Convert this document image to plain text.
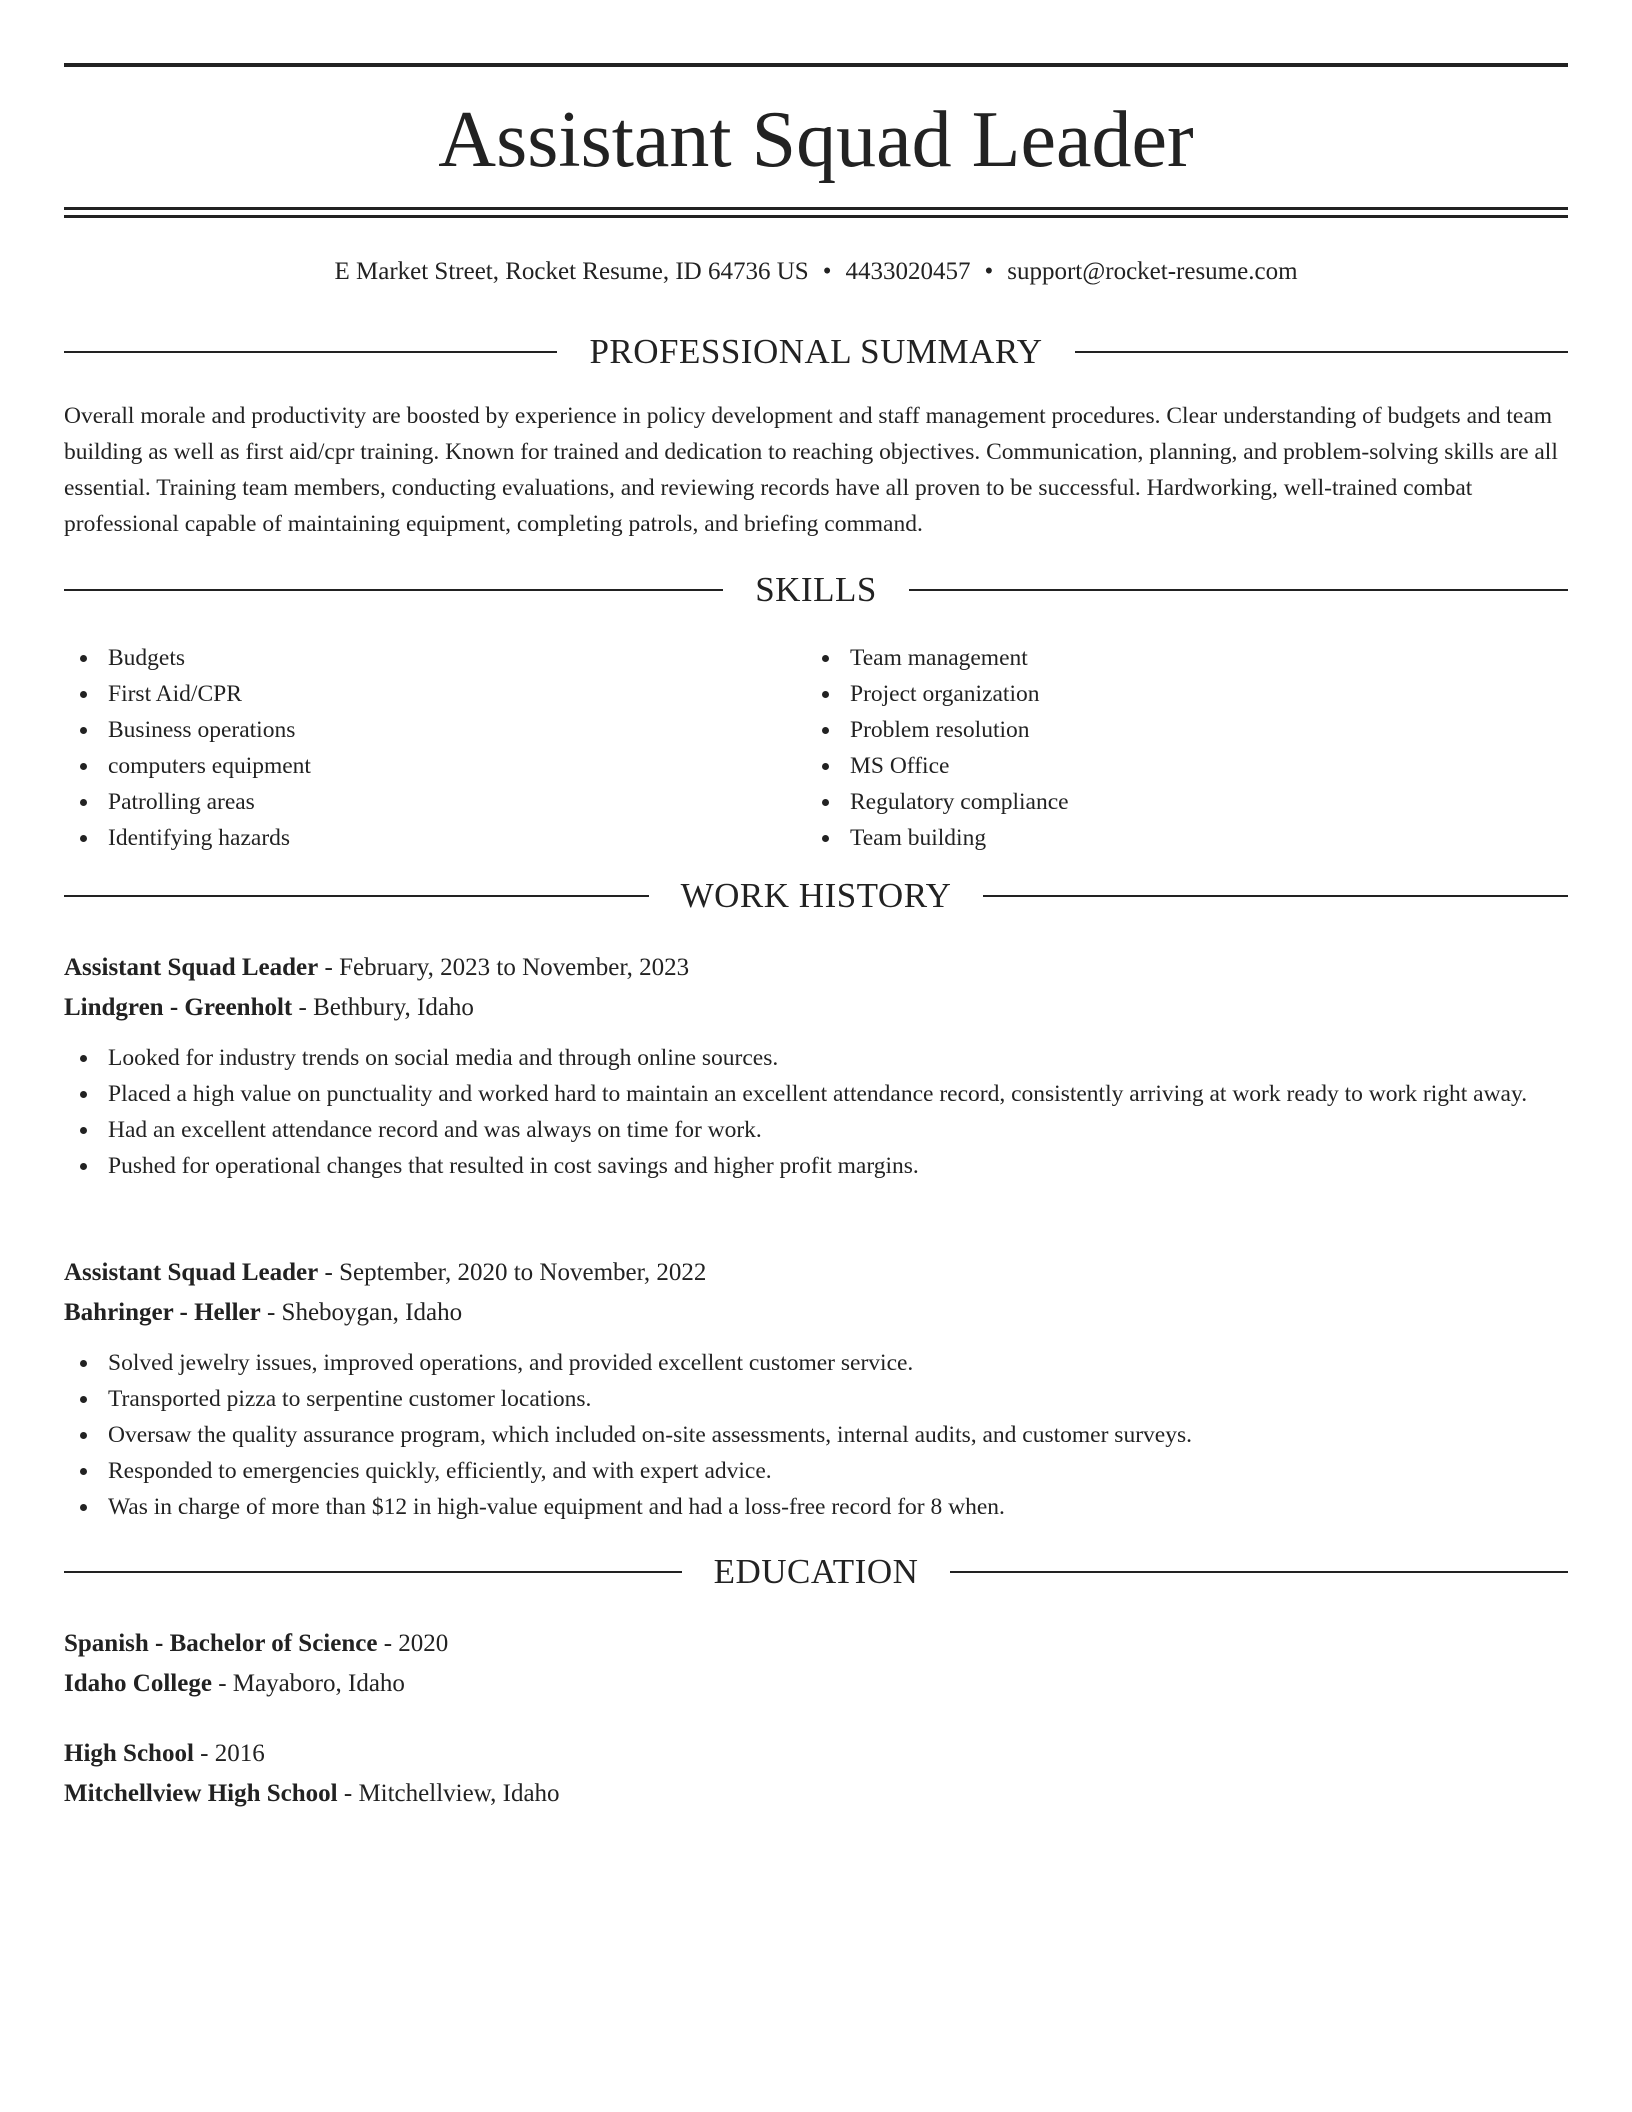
Assistant Squad Leader
E Market Street, Rocket Resume, ID 64736 US • 4433020457 • support@rocket-resume.com
PROFESSIONAL SUMMARY

Overall morale and productivity are boosted by experience in policy development and staff management procedures. Clear understanding of budgets and team building as well as first aid/cpr training. Known for trained and dedication to reaching objectives. Communication, planning, and problem-solving skills are all essential. Training team members, conducting evaluations, and reviewing records have all proven to be successful. Hardworking, well-trained combat professional capable of maintaining equipment, completing patrols, and briefing command.

SKILLS
Budgets
First Aid/CPR
Business operations
computers equipment
Patrolling areas
Identifying hazards
Team management
Project organization
Problem resolution
MS Office
Regulatory compliance
Team building
WORK HISTORY
Assistant Squad Leader - February, 2023 to November, 2023
Lindgren - Greenholt - Bethbury, Idaho
Looked for industry trends on social media and through online sources.
Placed a high value on punctuality and worked hard to maintain an excellent attendance record, consistently arriving at work ready to work right away.
Had an excellent attendance record and was always on time for work.
Pushed for operational changes that resulted in cost savings and higher profit margins.
Assistant Squad Leader - September, 2020 to November, 2022
Bahringer - Heller - Sheboygan, Idaho
Solved jewelry issues, improved operations, and provided excellent customer service.
Transported pizza to serpentine customer locations.
Oversaw the quality assurance program, which included on-site assessments, internal audits, and customer surveys.
Responded to emergencies quickly, efficiently, and with expert advice.
Was in charge of more than $12 in high-value equipment and had a loss-free record for 8 when.
EDUCATION
Spanish - Bachelor of Science - 2020
Idaho College - Mayaboro, Idaho
High School - 2016
Mitchellview High School - Mitchellview, Idaho
